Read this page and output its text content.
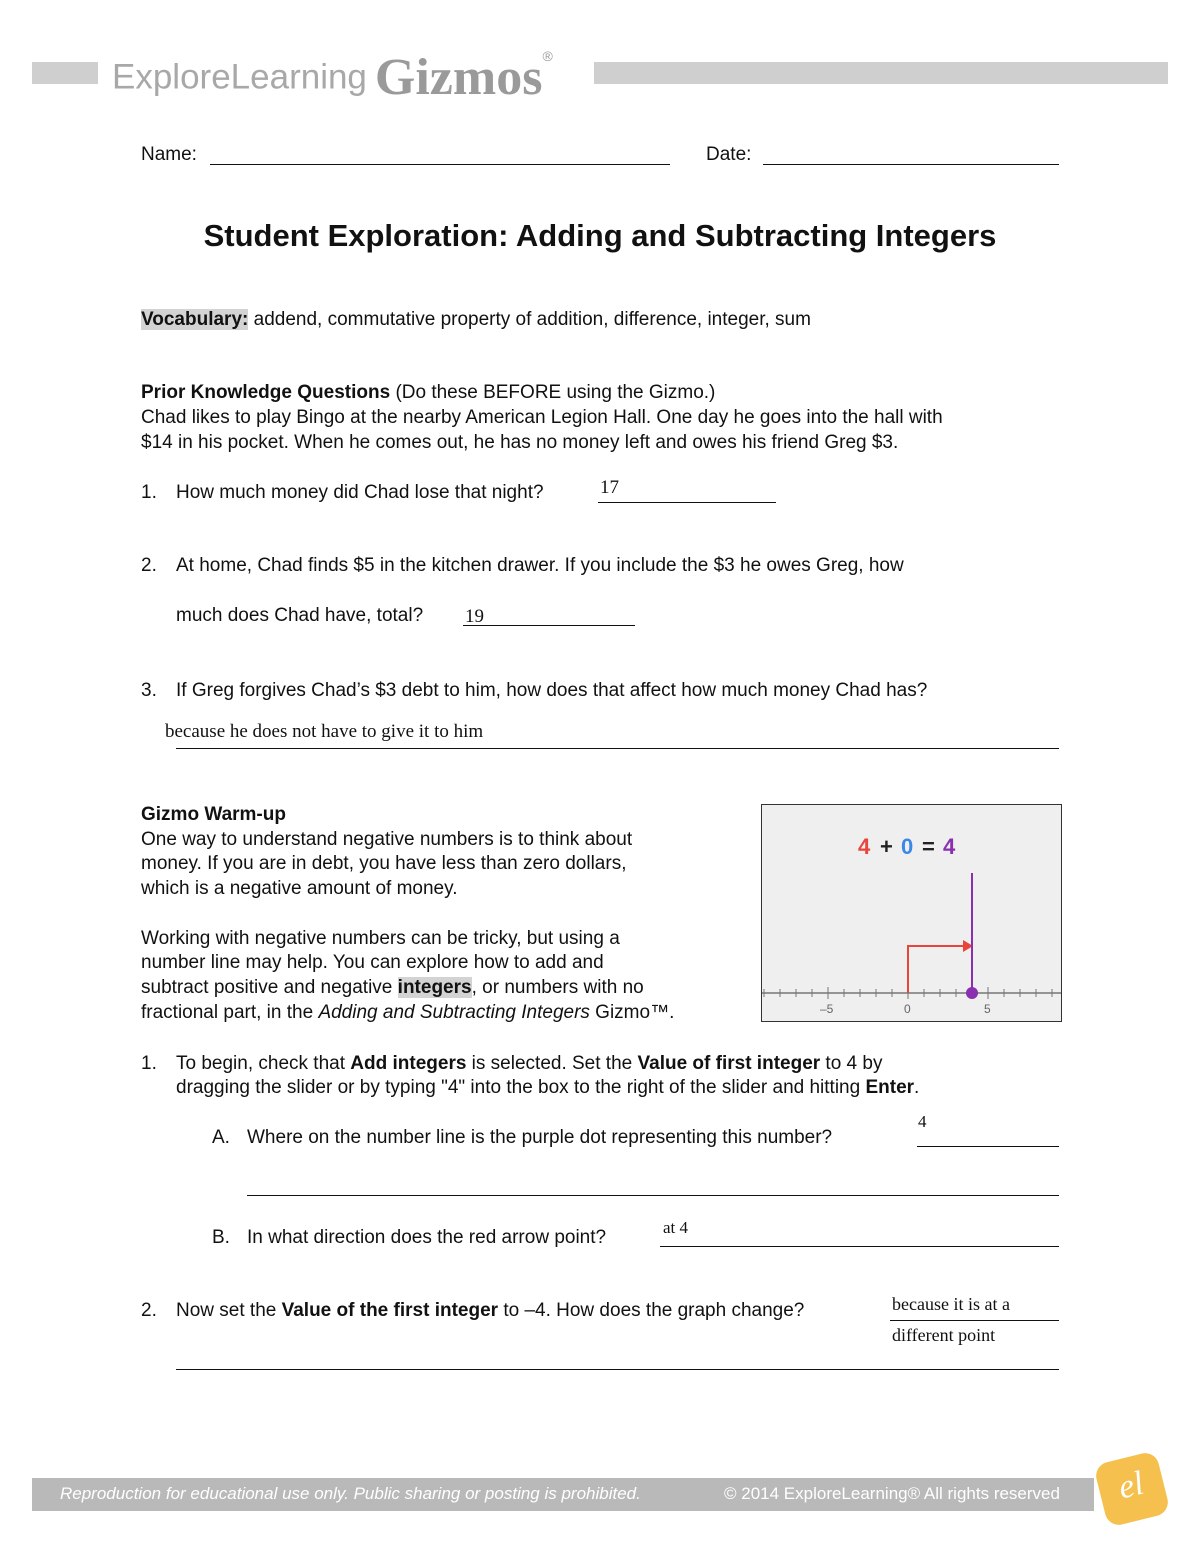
ExploreLearning Gizmos®
Name:	Date:
Student Exploration: Adding and Subtracting Integers
Vocabulary: addend, commutative property of addition, difference, integer, sum
Prior Knowledge Questions (Do these BEFORE using the Gizmo.)
Chad likes to play Bingo at the nearby American Legion Hall. One day he goes into the hall with
$14 in his pocket. When he comes out, he has no money left and owes his friend Greg $3.
1. How much money did Chad lose that night?	17
2. At home, Chad finds $5 in the kitchen drawer. If you include the $3 he owes Greg, how
much does Chad have, total? 19
3. If Greg forgives Chad’s $3 debt to him, how does that affect how much money Chad has?
because he does not have to give it to him
Gizmo Warm-up
One way to understand negative numbers is to think about
money. If you are in debt, you have less than zero dollars,
which is a negative amount of money.
Working with negative numbers can be tricky, but using a
number line may help. You can explore how to add and
subtract positive and negative integers, or numbers with no
fractional part, in the Adding and Subtracting Integers Gizmo™.
4 + 0 = 4
–5	0	5
1. To begin, check that Add integers is selected. Set the Value of first integer to 4 by
dragging the slider or by typing "4" into the box to the right of the slider and hitting Enter.
A. Where on the number line is the purple dot representing this number?
4
B. In what direction does the red arrow point?	at 4
2. Now set the Value of the first integer to –4. How does the graph change?	because it is at a
different point
Reproduction for educational use only. Public sharing or posting is prohibited.	© 2014 ExploreLearning® All rights reserved	el
